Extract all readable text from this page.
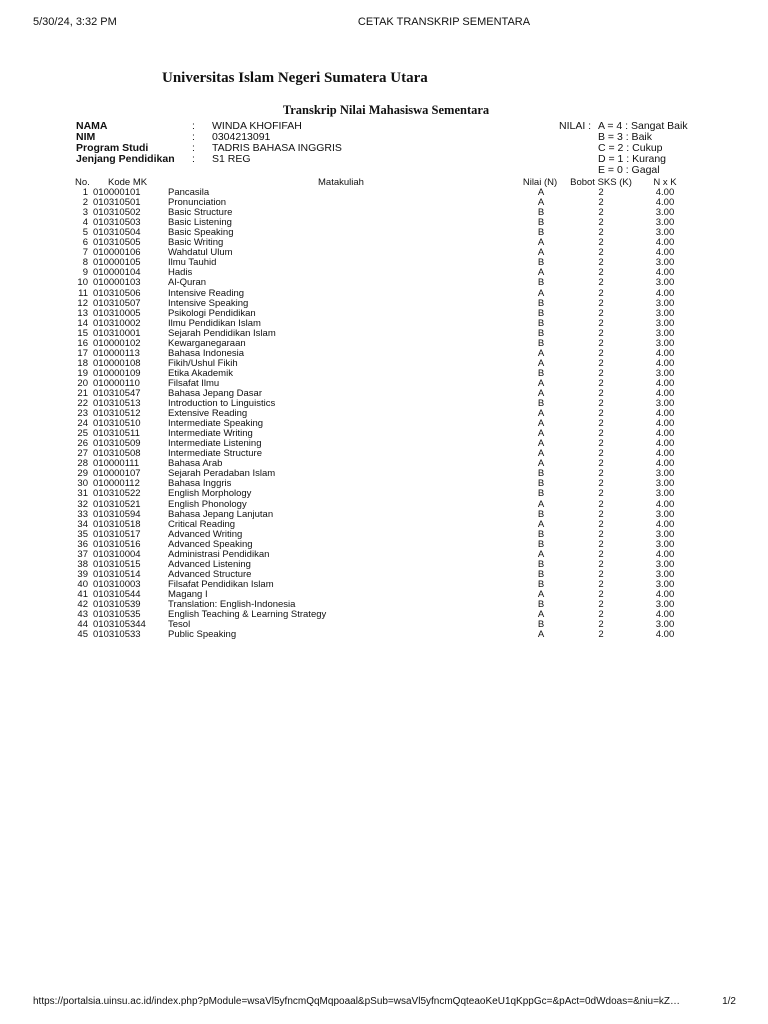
5/30/24, 3:32 PM	CETAK TRANSKRIP SEMENTARA
Universitas Islam Negeri Sumatera Utara
Transkrip Nilai Mahasiswa Sementara
NAMA	:	WINDA KHOFIFAH
NIM	:	0304213091
Program Studi	:	TADRIS BAHASA INGGRIS
Jenjang Pendidikan	:	S1 REG
NILAI : A = 4 : Sangat Baik
B = 3 : Baik
C = 2 : Cukup
D = 1 : Kurang
E = 0 : Gagal
No. Kode MK	Matakuliah	Nilai (N)	Bobot SKS (K)	N x K
1 010000101	Pancasila	A	2	4.00
2 010310501	Pronunciation	A	2	4.00
3 010310502	Basic Structure	B	2	3.00
4 010310503	Basic Listening	B	2	3.00
5 010310504	Basic Speaking	B	2	3.00
6 010310505	Basic Writing	A	2	4.00
7 010000106	Wahdatul Ulum	A	2	4.00
8 010000105	Ilmu Tauhid	B	2	3.00
9 010000104	Hadis	A	2	4.00
10 010000103	Al-Quran	B	2	3.00
11 010310506	Intensive Reading	A	2	4.00
12 010310507	Intensive Speaking	B	2	3.00
13 010310005	Psikologi Pendidikan	B	2	3.00
14 010310002	Ilmu Pendidikan Islam	B	2	3.00
15 010310001	Sejarah Pendidikan Islam	B	2	3.00
16 010000102	Kewarganegaraan	B	2	3.00
17 010000113	Bahasa Indonesia	A	2	4.00
18 010000108	Fikih/Ushul Fikih	A	2	4.00
19 010000109	Etika Akademik	B	2	3.00
20 010000110	Filsafat Ilmu	A	2	4.00
21 010310547	Bahasa Jepang Dasar	A	2	4.00
22 010310513	Introduction to Linguistics	B	2	3.00
23 010310512	Extensive Reading	A	2	4.00
24 010310510	Intermediate Speaking	A	2	4.00
25 010310511	Intermediate Writing	A	2	4.00
26 010310509	Intermediate Listening	A	2	4.00
27 010310508	Intermediate Structure	A	2	4.00
28 010000111	Bahasa Arab	A	2	4.00
29 010000107	Sejarah Peradaban Islam	B	2	3.00
30 010000112	Bahasa Inggris	B	2	3.00
31 010310522	English Morphology	B	2	3.00
32 010310521	English Phonology	A	2	4.00
33 010310594	Bahasa Jepang Lanjutan	B	2	3.00
34 010310518	Critical Reading	A	2	4.00
35 010310517	Advanced Writing	B	2	3.00
36 010310516	Advanced Speaking	B	2	3.00
37 010310004	Administrasi Pendidikan	A	2	4.00
38 010310515	Advanced Listening	B	2	3.00
39 010310514	Advanced Structure	B	2	3.00
40 010310003	Filsafat Pendidikan Islam	B	2	3.00
41 010310544	Magang I	A	2	4.00
42 010310539	Translation: English-Indonesia	B	2	3.00
43 010310535	English Teaching & Learning Strategy	A	2	4.00
44 0103105344 Tesol	B	2	3.00
45 010310533	Public Speaking	A	2	4.00
https://portalsia.uinsu.ac.id/index.php?pModule=wsaVl5yfncmQqMqpoaal&pSub=wsaVl5yfncmQqteaoKeU1qKppGc=&pAct=0dWdoas=&niu=kZ…	1/2
